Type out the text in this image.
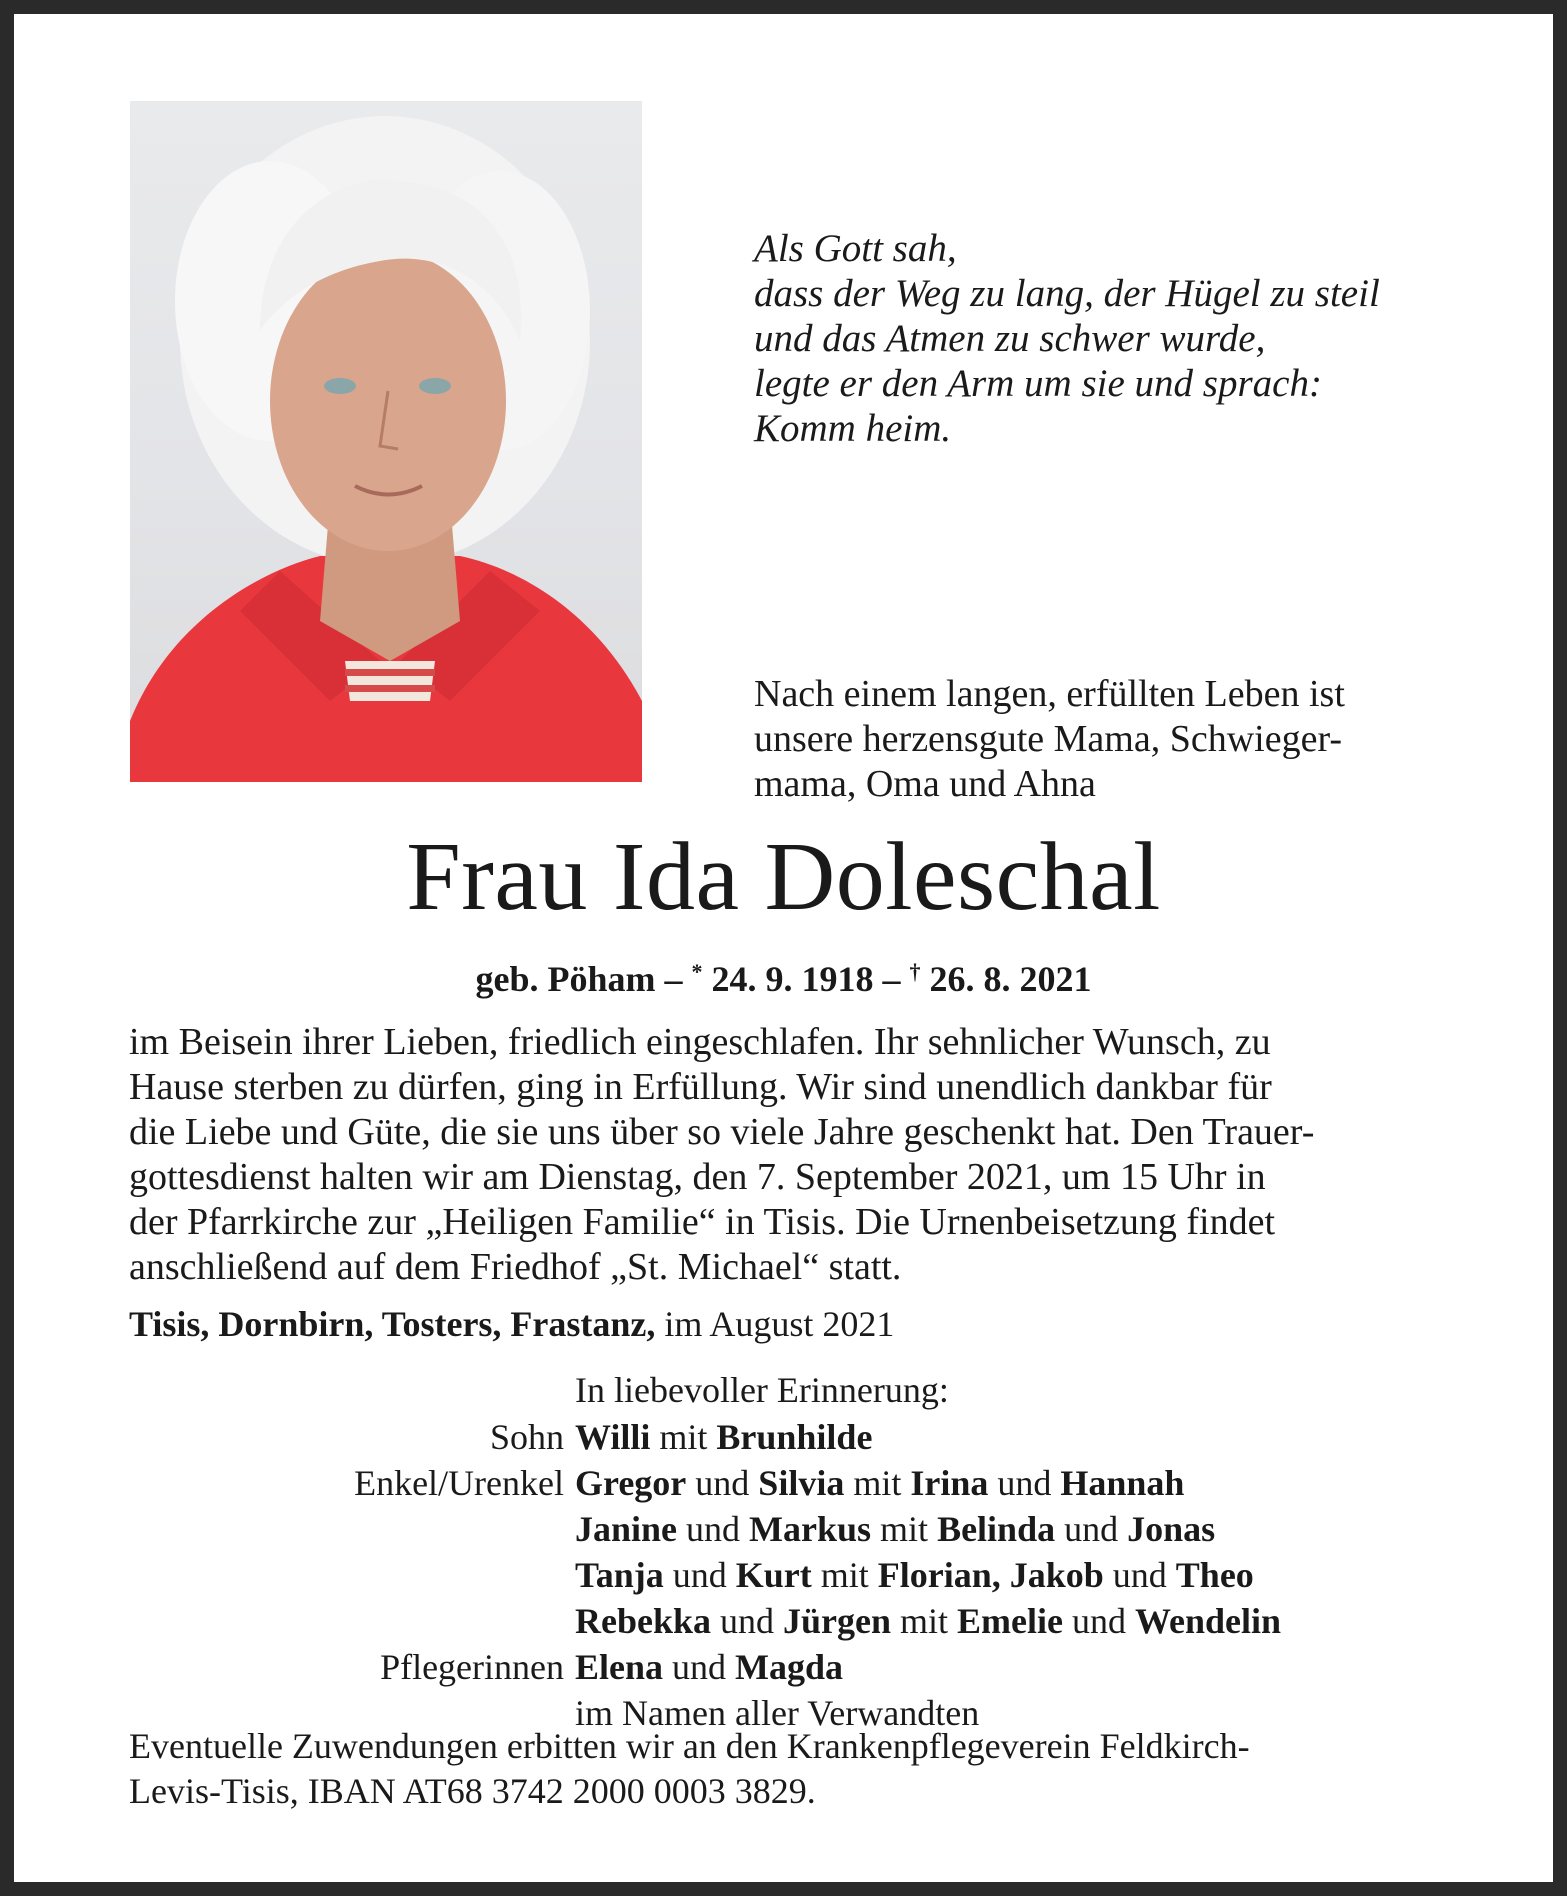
Als Gott sah,
dass der Weg zu lang, der Hügel zu steil
und das Atmen zu schwer wurde,
legte er den Arm um sie und sprach:
Komm heim.
Nach einem langen, erfüllten Leben ist
unsere herzensgute Mama, Schwieger-
mama, Oma und Ahna
Frau Ida Doleschal
geb. Pöham – * 24. 9. 1918 – † 26. 8. 2021
im Beisein ihrer Lieben, friedlich eingeschlafen. Ihr sehnlicher Wunsch, zu
Hause sterben zu dürfen, ging in Erfüllung. Wir sind unendlich dankbar für
die Liebe und Güte, die sie uns über so viele Jahre geschenkt hat. Den Trauer-
gottesdienst halten wir am Dienstag, den 7. September 2021, um 15 Uhr in
der Pfarrkirche zur „Heiligen Familie“ in Tisis. Die Urnenbeisetzung findet
anschließend auf dem Friedhof „St. Michael“ statt.
Tisis, Dornbirn, Tosters, Frastanz, im August 2021
In liebevoller Erinnerung:
Sohn Willi mit Brunhilde
Enkel/Urenkel Gregor und Silvia mit Irina und Hannah
Janine und Markus mit Belinda und Jonas
Tanja und Kurt mit Florian, Jakob und Theo
Rebekka und Jürgen mit Emelie und Wendelin
Pflegerinnen Elena und Magda
im Namen aller Verwandten
Eventuelle Zuwendungen erbitten wir an den Krankenpflegeverein Feldkirch-
Levis-Tisis, IBAN AT68 3742 2000 0003 3829.
